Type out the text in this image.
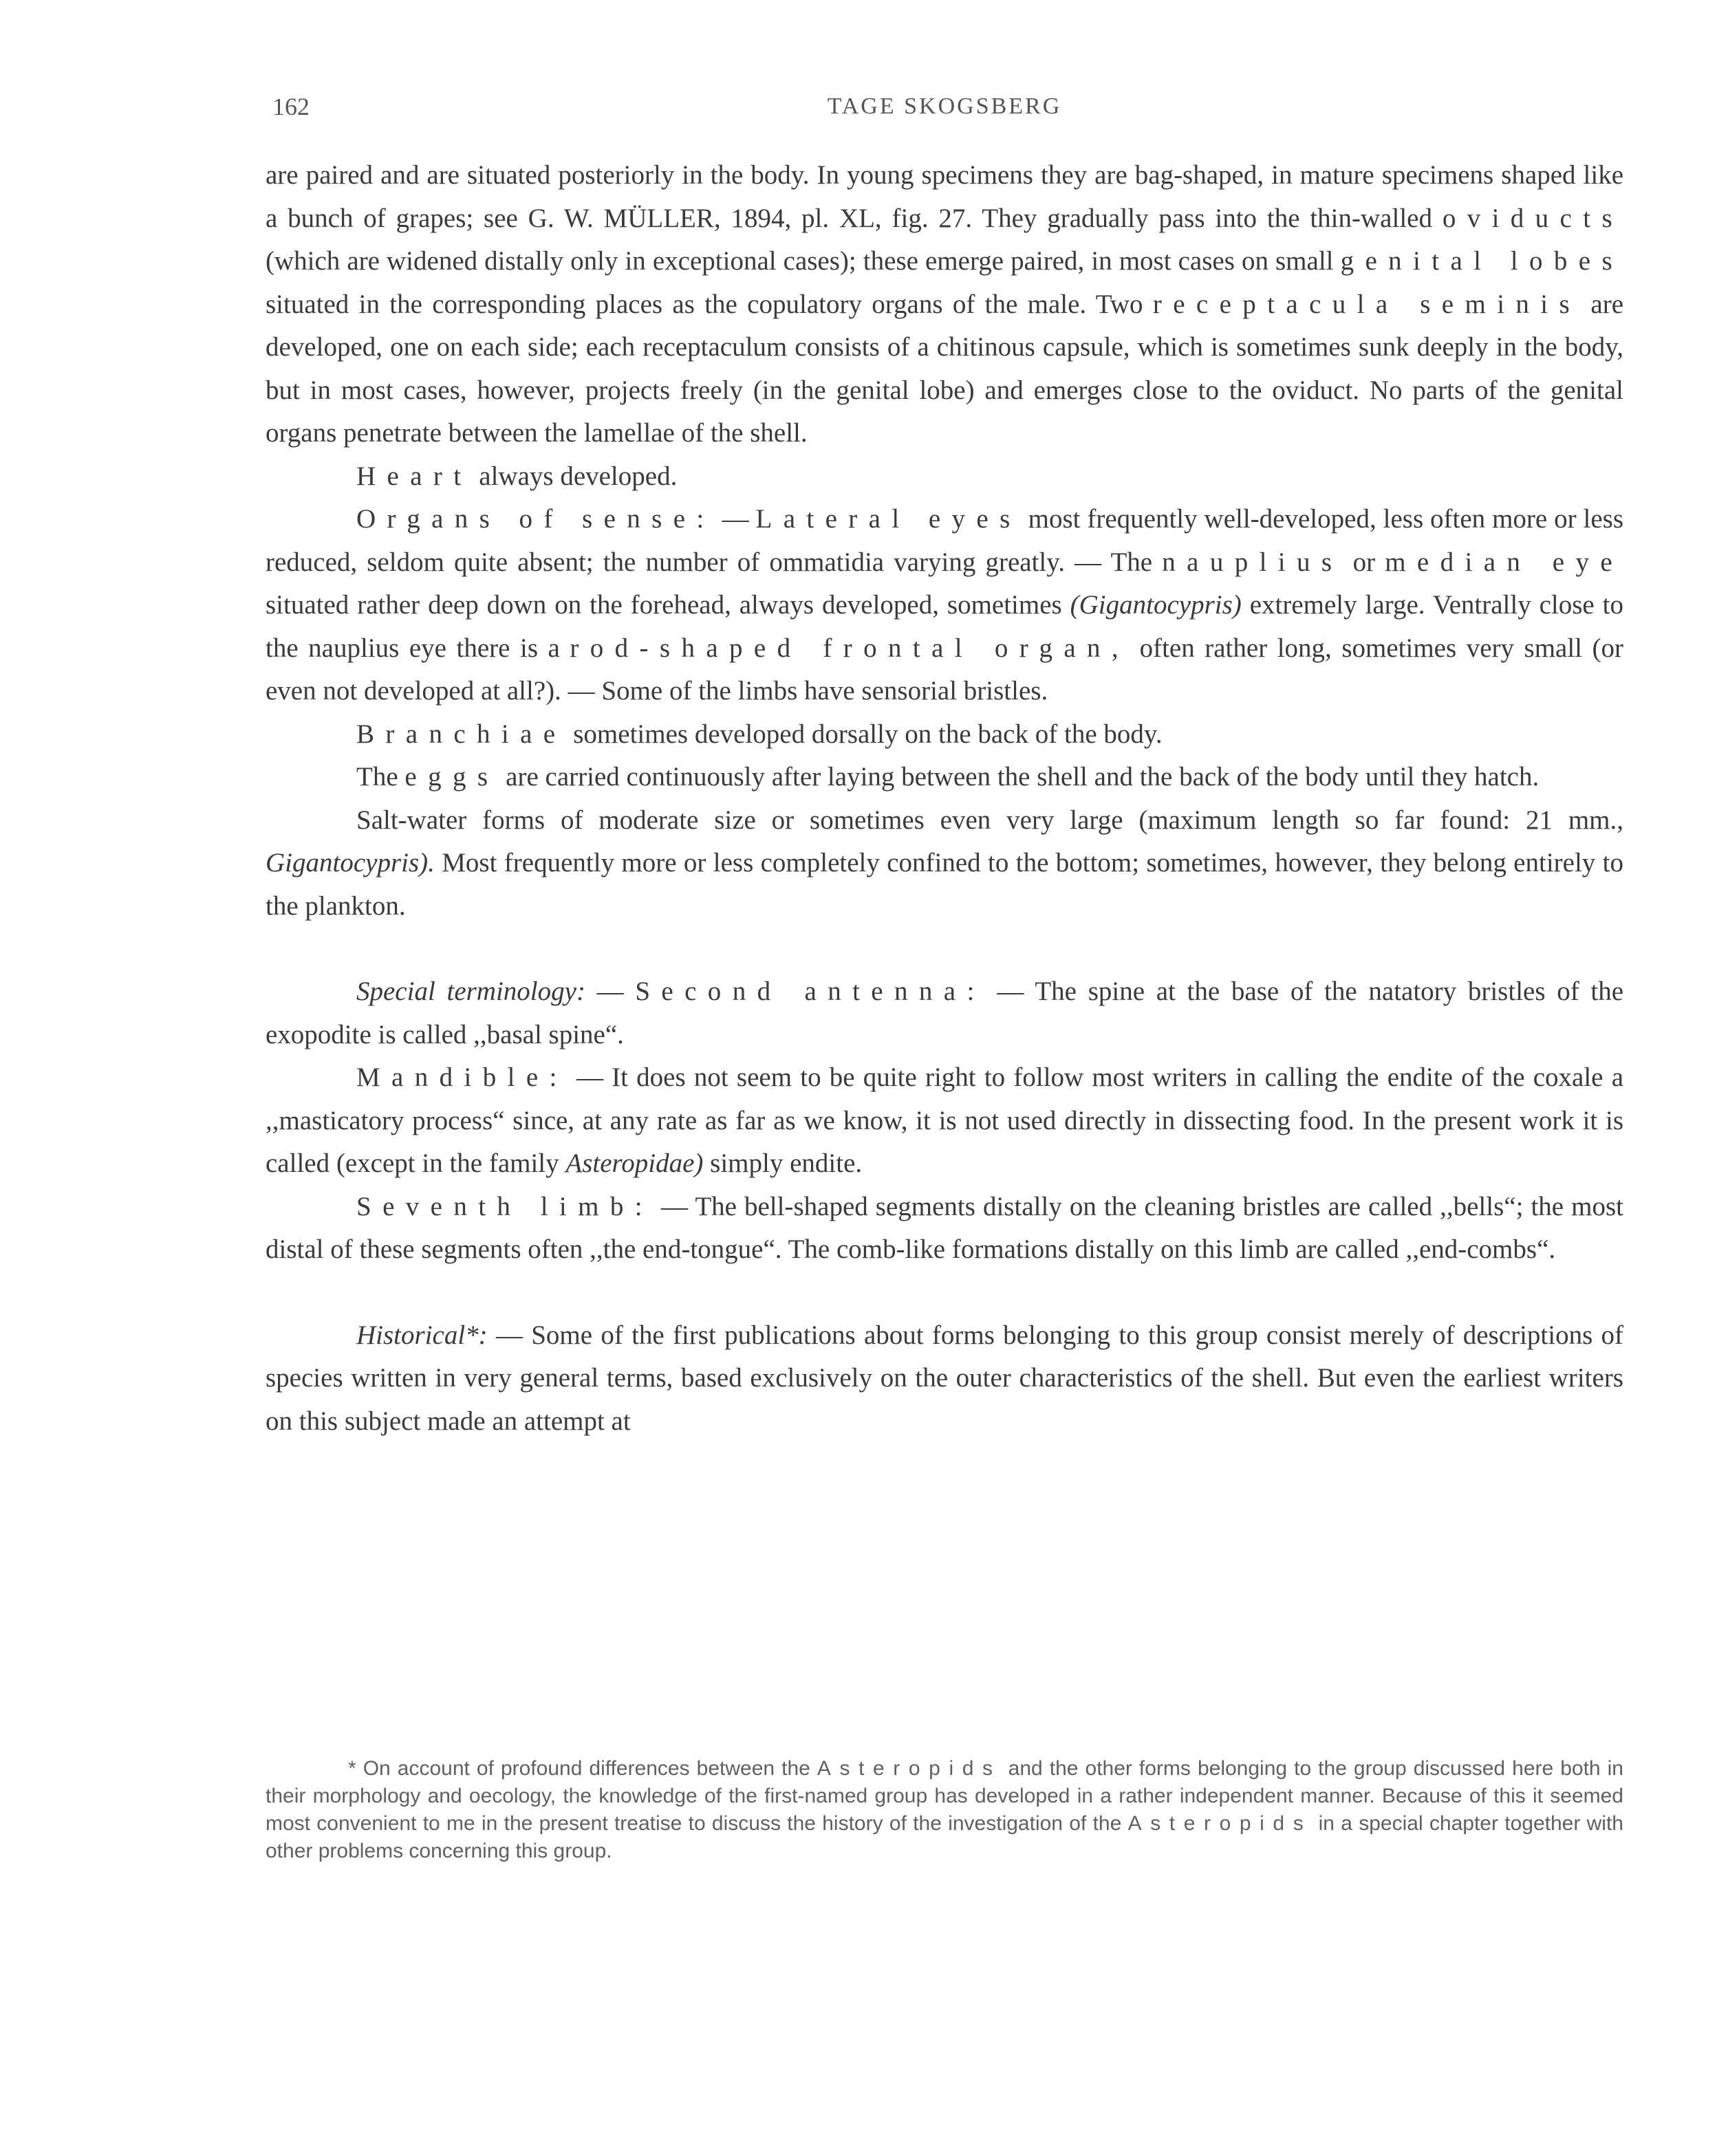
162	TAGE SKOGSBERG

are paired and are situated posteriorly in the body. In young specimens they are bag-shaped, in mature specimens shaped like a bunch of grapes; see G. W. MÜLLER, 1894, pl. XL, fig. 27. They gradually pass into the thin-walled oviducts (which are widened distally only in exceptional cases); these emerge paired, in most cases on small genital lobes situated in the corresponding places as the copulatory organs of the male. Two receptacula seminis are developed, one on each side; each receptaculum consists of a chitinous capsule, which is sometimes sunk deeply in the body, but in most cases, however, projects freely (in the genital lobe) and emerges close to the oviduct. No parts of the genital organs penetrate between the lamellae of the shell.

Heart always developed.

Organs of sense: — Lateral eyes most frequently well-developed, less often more or less reduced, seldom quite absent; the number of ommatidia varying greatly. — The nauplius or median eye situated rather deep down on the forehead, always developed, sometimes (Gigantocypris) extremely large. Ventrally close to the nauplius eye there is a rod-shaped frontal organ, often rather long, sometimes very small (or even not developed at all?). — Some of the limbs have sensorial bristles.

Branchiae sometimes developed dorsally on the back of the body.

The eggs are carried continuously after laying between the shell and the back of the body until they hatch.

Salt-water forms of moderate size or sometimes even very large (maximum length so far found: 21 mm., Gigantocypris). Most frequently more or less completely confined to the bottom; sometimes, however, they belong entirely to the plankton.

Special terminology: — Second antenna: — The spine at the base of the natatory bristles of the exopodite is called ,,basal spine“.

Mandible: — It does not seem to be quite right to follow most writers in calling the endite of the coxale a ,,masticatory process“ since, at any rate as far as we know, it is not used directly in dissecting food. In the present work it is called (except in the family Asteropidae) simply endite.

Seventh limb: — The bell-shaped segments distally on the cleaning bristles are called ,,bells“; the most distal of these segments often ,,the end-tongue“. The comb-like formations distally on this limb are called ,,end-combs“.

Historical*: — Some of the first publications about forms belonging to this group consist merely of descriptions of species written in very general terms, based exclusively on the outer characteristics of the shell. But even the earliest writers on this subject made an attempt at

* On account of profound differences between the Asteropids and the other forms belonging to the group discussed here both in their morphology and oecology, the knowledge of the first-named group has developed in a rather independent manner. Because of this it seemed most convenient to me in the present treatise to discuss the history of the investigation of the Asteropids in a special chapter together with other problems concerning this group.
